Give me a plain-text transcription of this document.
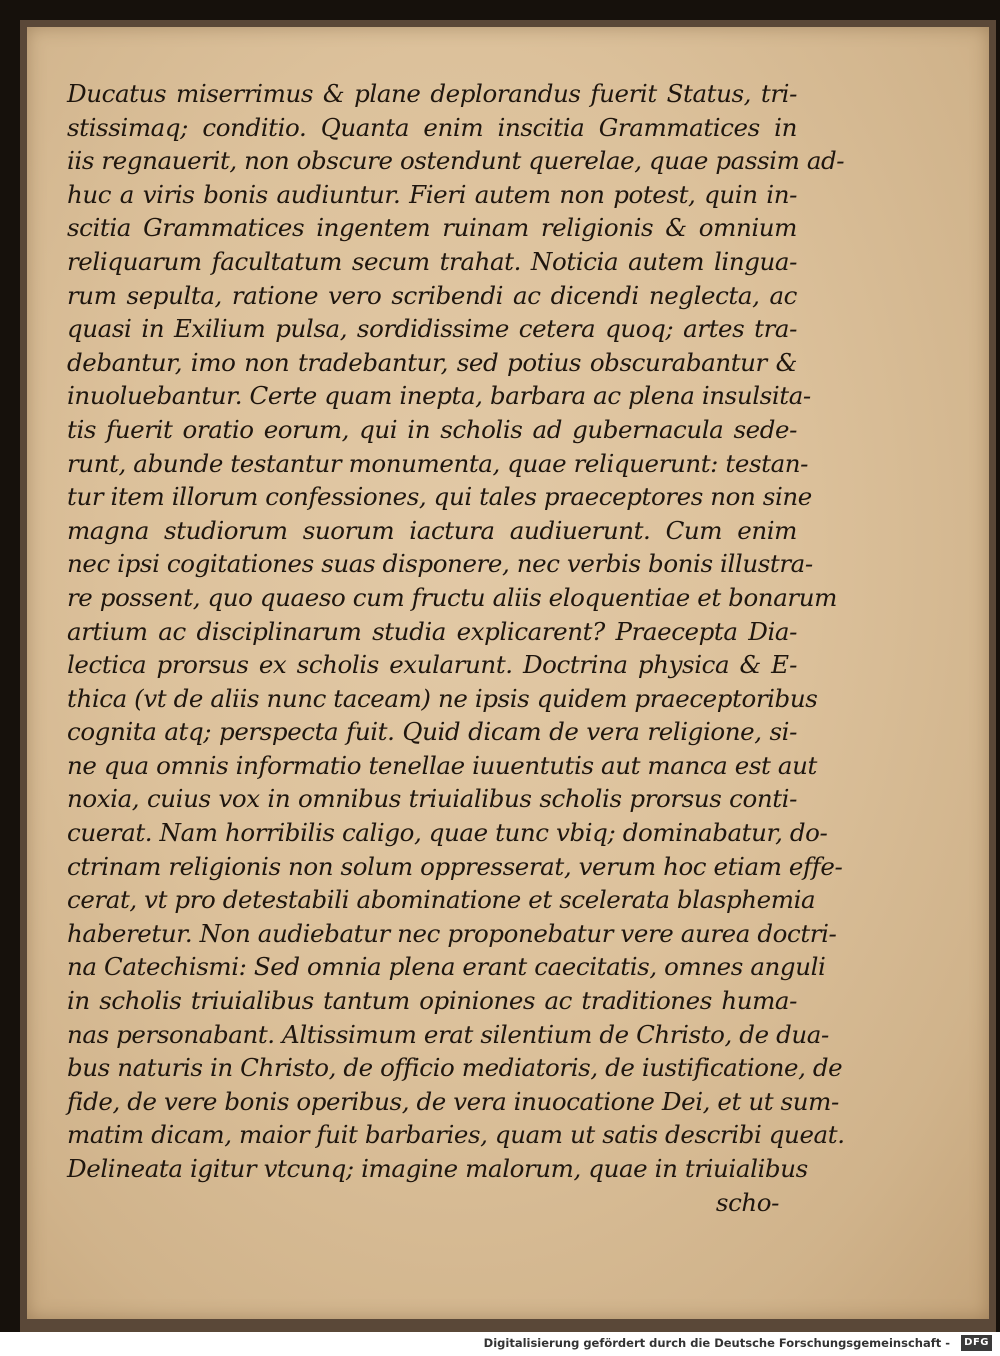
Ducatus miserrimus & plane deplorandus fuerit Status, tri-
stissimaq; conditio. Quanta enim inscitia Grammatices in
iis regnauerit, non obscure ostendunt querelae, quae passim ad-
huc a viris bonis audiuntur. Fieri autem non potest, quin in-
scitia Grammatices ingentem ruinam religionis & omnium
reliquarum facultatum secum trahat. Noticia autem lingua-
rum sepulta, ratione vero scribendi ac dicendi neglecta, ac
quasi in Exilium pulsa, sordidissime cetera quoq; artes tra-
debantur, imo non tradebantur, sed potius obscurabantur &
inuoluebantur. Certe quam inepta, barbara ac plena insulsita-
tis fuerit oratio eorum, qui in scholis ad gubernacula sede-
runt, abunde testantur monumenta, quae reliquerunt: testan-
tur item illorum confessiones, qui tales praeceptores non sine
magna studiorum suorum iactura audiuerunt. Cum enim
nec ipsi cogitationes suas disponere, nec verbis bonis illustra-
re possent, quo quaeso cum fructu aliis eloquentiae et bonarum
artium ac disciplinarum studia explicarent? Praecepta Dia-
lectica prorsus ex scholis exularunt. Doctrina physica & E-
thica (vt de aliis nunc taceam) ne ipsis quidem praeceptoribus
cognita atq; perspecta fuit. Quid dicam de vera religione, si-
ne qua omnis informatio tenellae iuuentutis aut manca est aut
noxia, cuius vox in omnibus triuialibus scholis prorsus conti-
cuerat. Nam horribilis caligo, quae tunc vbiq; dominabatur, do-
ctrinam religionis non solum oppresserat, verum hoc etiam effe-
cerat, vt pro detestabili abominatione et scelerata blasphemia
haberetur. Non audiebatur nec proponebatur vere aurea doctri-
na Catechismi: Sed omnia plena erant caecitatis, omnes anguli
in scholis triuialibus tantum opiniones ac traditiones huma-
nas personabant. Altissimum erat silentium de Christo, de dua-
bus naturis in Christo, de officio mediatoris, de iustificatione, de
fide, de vere bonis operibus, de vera inuocatione Dei, et ut sum-
matim dicam, maior fuit barbaries, quam ut satis describi queat.
Delineata igitur vtcunq; imagine malorum, quae in triuialibus
scho-
Digitalisierung gefördert durch die Deutsche Forschungsgemeinschaft -	DFG
